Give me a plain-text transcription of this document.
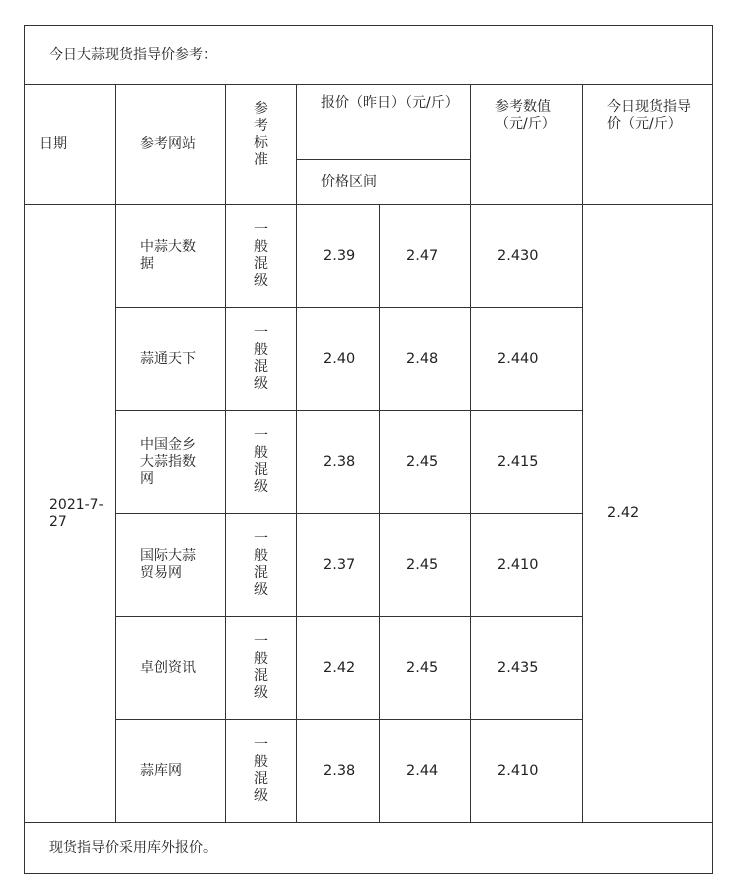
今日大蒜现货指导价参考：						
日期	参考网站	参考标准	报价（昨日）（元/斤）		参考数值（元/斤）	今日现货指导价（元/斤）
			价格区间			
2021-7-27	中蒜大数据	一般混级	2.39	2.47	2.430	2.42
	蒜通天下	一般混级	2.40	2.48	2.440	
	中国金乡大蒜指数网	一般混级	2.38	2.45	2.415	
	国际大蒜贸易网	一般混级	2.37	2.45	2.410	
	卓创资讯	一般混级	2.42	2.45	2.435	
	蒜库网	一般混级	2.38	2.44	2.410	
现货指导价采用库外报价。						
